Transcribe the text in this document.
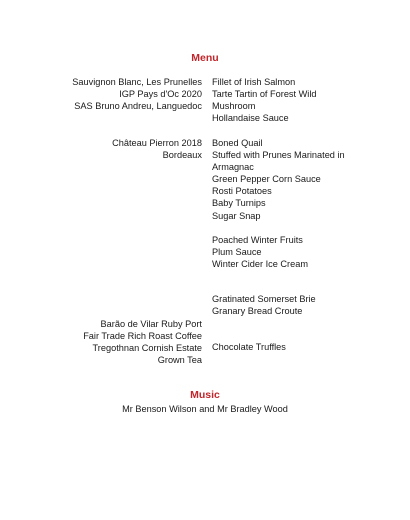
Menu
Sauvignon Blanc, Les Prunelles
IGP Pays d'Oc 2020
SAS Bruno Andreu, Languedoc
Fillet of Irish Salmon
Tarte Tartin of Forest Wild
Mushroom
Hollandaise Sauce
Château Pierron 2018
Bordeaux
Boned Quail
Stuffed with Prunes Marinated in
Armagnac
Green Pepper Corn Sauce
Rosti Potatoes
Baby Turnips
Sugar Snap
Poached Winter Fruits
Plum Sauce
Winter Cider Ice Cream
Gratinated Somerset Brie
Granary Bread Croute
Barão de Vilar Ruby Port
Fair Trade Rich Roast Coffee
Tregothnan Cornish Estate
Grown Tea
Chocolate Truffles
Music
Mr Benson Wilson and Mr Bradley Wood
